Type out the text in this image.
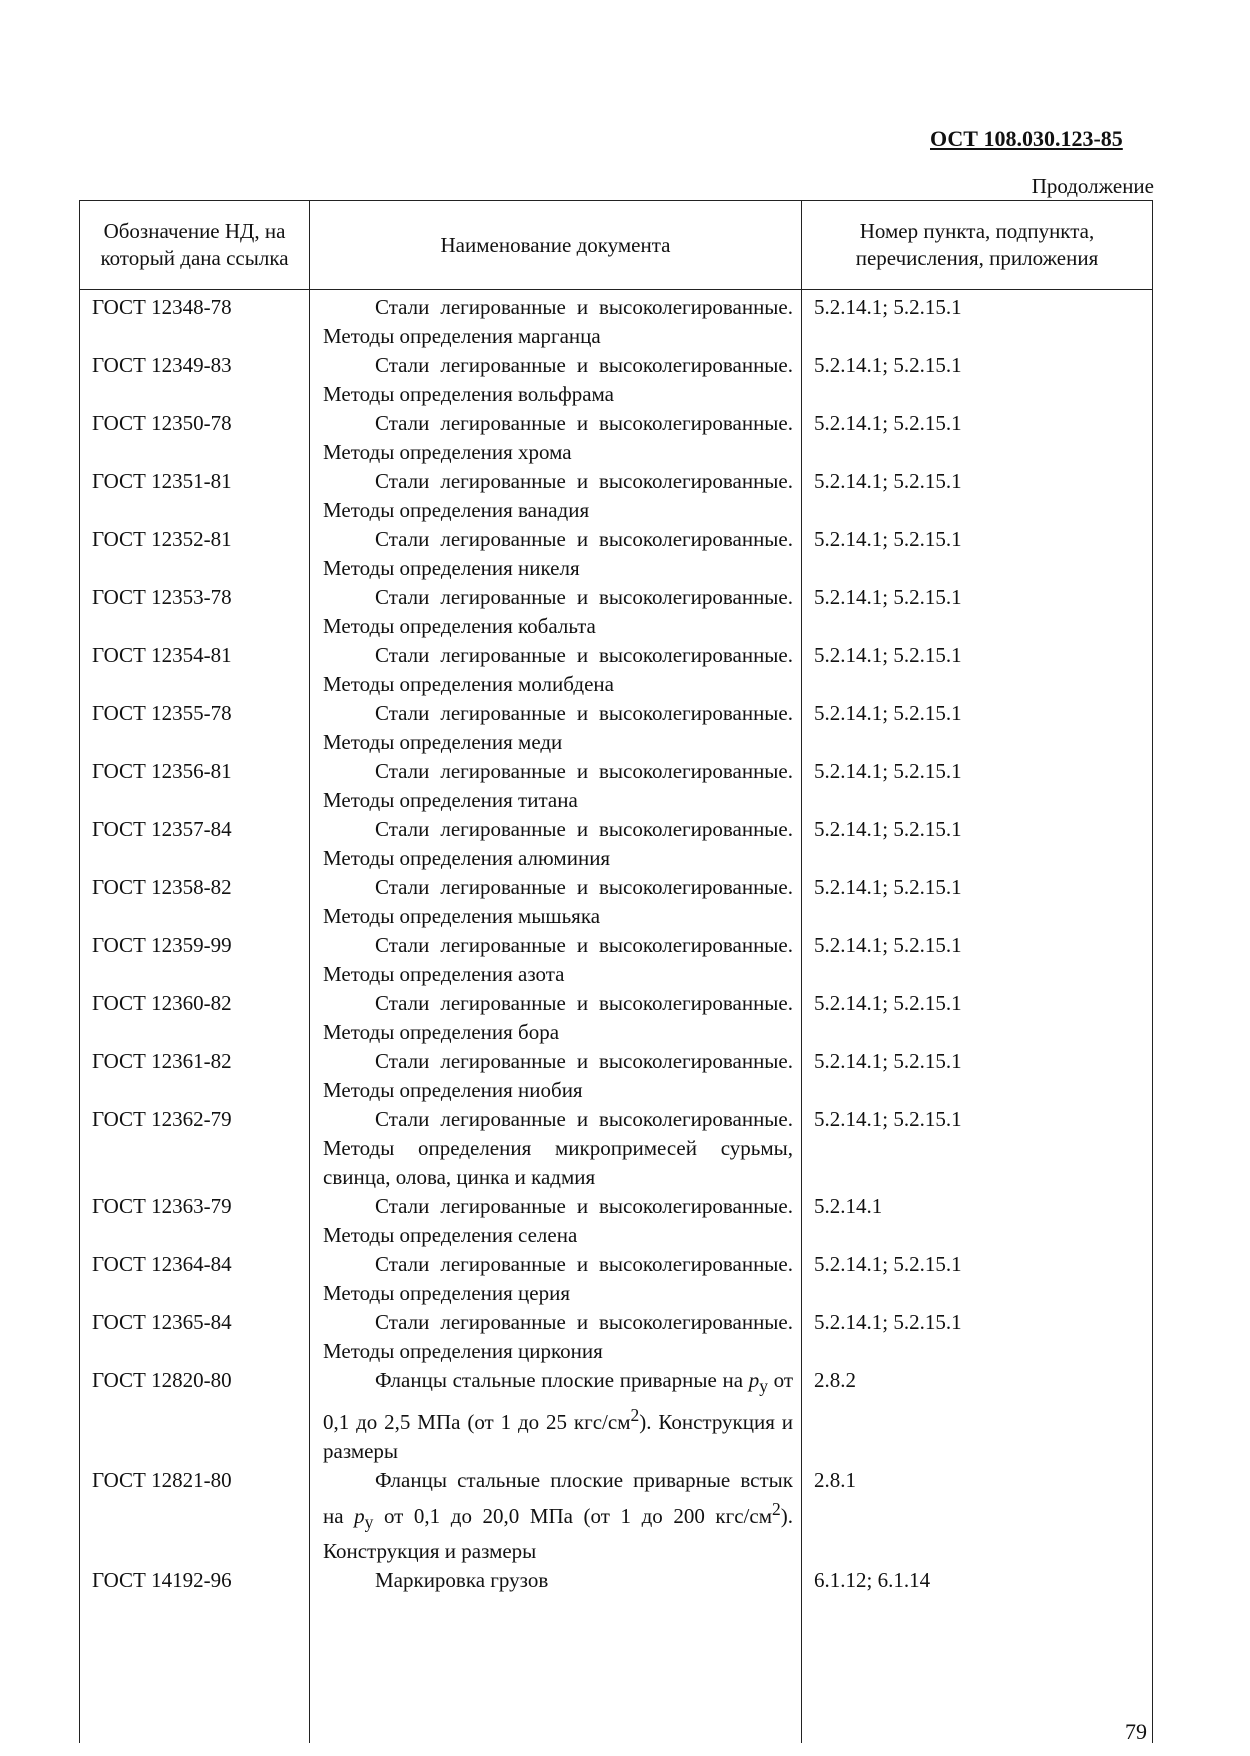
ОСТ 108.030.123-85
Продолжение
Обозначение НД, на который дана ссылка	Наименование документа	Номер пункта, подпункта, перечисления, приложения
ГОСТ 12348-78	Стали легированные и высоколегированные. Методы определения марганца	5.2.14.1; 5.2.15.1
ГОСТ 12349-83	Стали легированные и высоколегированные. Методы определения вольфрама	5.2.14.1; 5.2.15.1
ГОСТ 12350-78	Стали легированные и высоколегированные. Методы определения хрома	5.2.14.1; 5.2.15.1
ГОСТ 12351-81	Стали легированные и высоколегированные. Методы определения ванадия	5.2.14.1; 5.2.15.1
ГОСТ 12352-81	Стали легированные и высоколегированные. Методы определения никеля	5.2.14.1; 5.2.15.1
ГОСТ 12353-78	Стали легированные и высоколегированные. Методы определения кобальта	5.2.14.1; 5.2.15.1
ГОСТ 12354-81	Стали легированные и высоколегированные. Методы определения молибдена	5.2.14.1; 5.2.15.1
ГОСТ 12355-78	Стали легированные и высоколегированные. Методы определения меди	5.2.14.1; 5.2.15.1
ГОСТ 12356-81	Стали легированные и высоколегированные. Методы определения титана	5.2.14.1; 5.2.15.1
ГОСТ 12357-84	Стали легированные и высоколегированные. Методы определения алюминия	5.2.14.1; 5.2.15.1
ГОСТ 12358-82	Стали легированные и высоколегированные. Методы определения мышьяка	5.2.14.1; 5.2.15.1
ГОСТ 12359-99	Стали легированные и высоколегированные. Методы определения азота	5.2.14.1; 5.2.15.1
ГОСТ 12360-82	Стали легированные и высоколегированные. Методы определения бора	5.2.14.1; 5.2.15.1
ГОСТ 12361-82	Стали легированные и высоколегированные. Методы определения ниобия	5.2.14.1; 5.2.15.1
ГОСТ 12362-79	Стали легированные и высоколегированные. Методы определения микропримесей сурьмы, свинца, олова, цинка и кадмия	5.2.14.1; 5.2.15.1
ГОСТ 12363-79	Стали легированные и высоколегированные. Методы определения селена	5.2.14.1
ГОСТ 12364-84	Стали легированные и высоколегированные. Методы определения церия	5.2.14.1; 5.2.15.1
ГОСТ 12365-84	Стали легированные и высоколегированные. Методы определения циркония	5.2.14.1; 5.2.15.1
ГОСТ 12820-80	Фланцы стальные плоские приварные на $p_у$ от 0,1 до 2,5 МПа (от 1 до 25 кгс/$см^2$). Конструкция и размеры	2.8.2
ГОСТ 12821-80	Фланцы стальные плоские приварные встык на $p_у$ от 0,1 до 20,0 МПа (от 1 до 200 кгс/$см^2$). Конструкция и размеры	2.8.1
ГОСТ 14192-96	Маркировка грузов	6.1.12; 6.1.14

79
